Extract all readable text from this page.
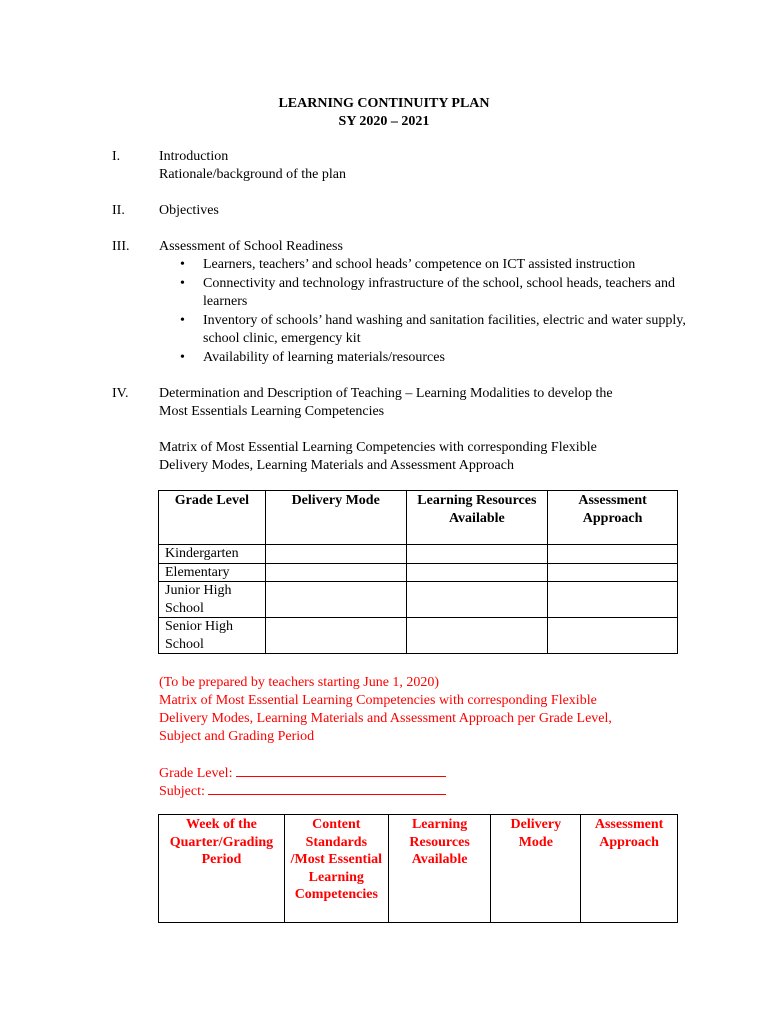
LEARNING CONTINUITY PLAN
SY 2020 – 2021
I.	Introduction
Rationale/background of the plan
II. Objectives
III. Assessment of School Readiness
• Learners, teachers’ and school heads’ competence on ICT assisted instruction
• Connectivity and technology infrastructure of the school, school heads, teachers and learners
• Inventory of schools’ hand washing and sanitation facilities, electric and water supply, school clinic, emergency kit
• Availability of learning materials/resources
IV. Determination and Description of Teaching – Learning Modalities to develop the
Most Essentials Learning Competencies
Matrix of Most Essential Learning Competencies with corresponding Flexible
Delivery Modes, Learning Materials and Assessment Approach
Grade Level	Delivery Mode	Learning Resources Available	Assessment Approach
Kindergarten			
Elementary			
Junior High School			
Senior High School			
(To be prepared by teachers starting June 1, 2020)
Matrix of Most Essential Learning Competencies with corresponding Flexible
Delivery Modes, Learning Materials and Assessment Approach per Grade Level,
Subject and Grading Period
Grade Level:
Subject:
Week of the Quarter/Grading Period	Content Standards /Most Essential Learning Competencies	Learning Resources Available	Delivery Mode	Assessment Approach
